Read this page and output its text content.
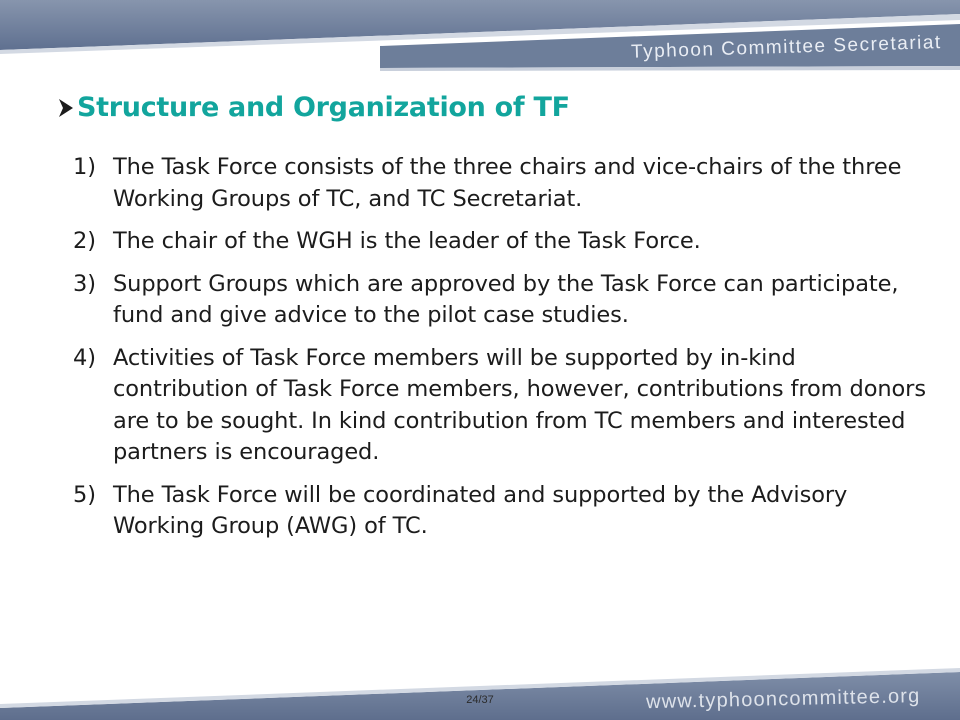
Typhoon Committee Secretariat
Structure and Organization of TF
1) The Task Force consists of the three chairs and vice-chairs of the three Working Groups of TC, and TC Secretariat.
2) The chair of the WGH is the leader of the Task Force.
3) Support Groups which are approved by the Task Force can participate, fund and give advice to the pilot case studies.
4) Activities of Task Force members will be supported by in-kind contribution of Task Force members, however, contributions from donors are to be sought. In kind contribution from TC members and interested partners is encouraged.
5) The Task Force will be coordinated and supported by the Advisory Working Group (AWG) of TC.
www.typhooncommittee.org
24/37
